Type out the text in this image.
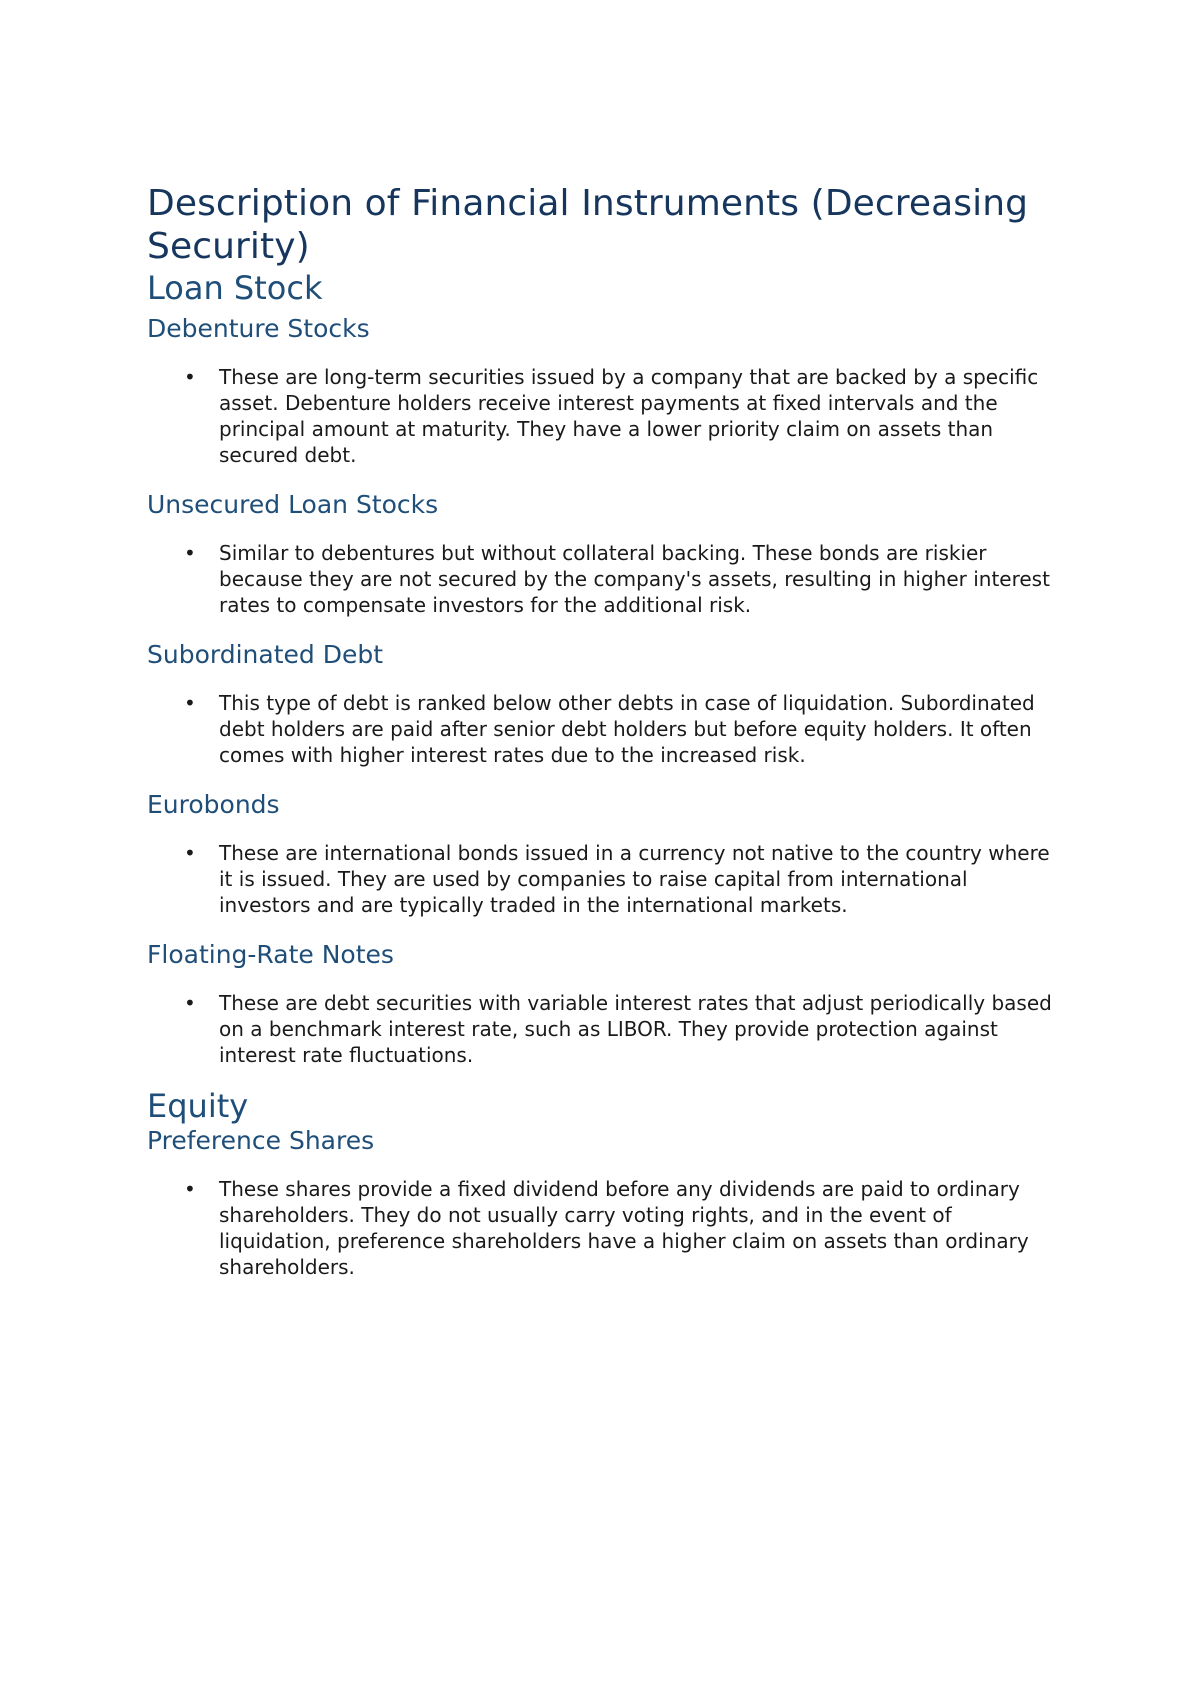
Description of Financial Instruments (Decreasing Security)
Loan Stock
Debenture Stocks
• These are long-term securities issued by a company that are backed by a specific asset. Debenture holders receive interest payments at fixed intervals and the principal amount at maturity. They have a lower priority claim on assets than secured debt.
Unsecured Loan Stocks
• Similar to debentures but without collateral backing. These bonds are riskier because they are not secured by the company's assets, resulting in higher interest rates to compensate investors for the additional risk.
Subordinated Debt
• This type of debt is ranked below other debts in case of liquidation. Subordinated debt holders are paid after senior debt holders but before equity holders. It often comes with higher interest rates due to the increased risk.
Eurobonds
• These are international bonds issued in a currency not native to the country where it is issued. They are used by companies to raise capital from international investors and are typically traded in the international markets.
Floating-Rate Notes
• These are debt securities with variable interest rates that adjust periodically based on a benchmark interest rate, such as LIBOR. They provide protection against interest rate fluctuations.
Equity
Preference Shares
• These shares provide a fixed dividend before any dividends are paid to ordinary shareholders. They do not usually carry voting rights, and in the event of liquidation, preference shareholders have a higher claim on assets than ordinary shareholders.
